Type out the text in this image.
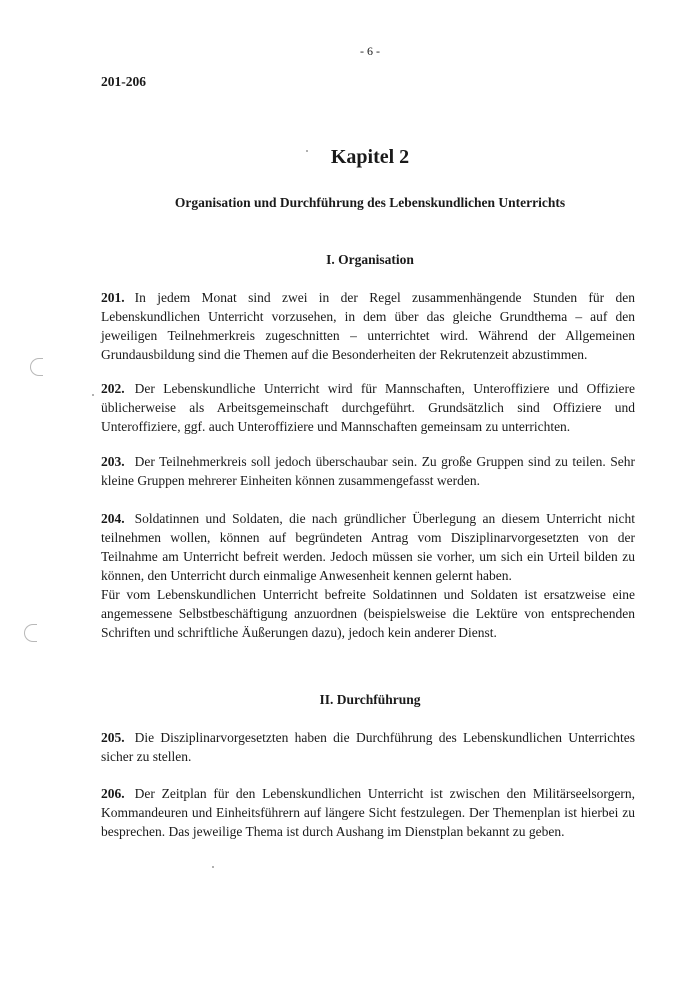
- 6 -
201-206
Kapitel 2
Organisation und Durchführung des Lebenskundlichen Unterrichts
I. Organisation

201. In jedem Monat sind zwei in der Regel zusammenhängende Stunden für den Lebenskundlichen Unterricht vorzusehen, in dem über das gleiche Grundthema – auf den jeweiligen Teilnehmerkreis zugeschnitten – unterrichtet wird. Während der Allgemeinen Grundausbildung sind die Themen auf die Besonderheiten der Rekrutenzeit abzustimmen.

202. Der Lebenskundliche Unterricht wird für Mannschaften, Unteroffiziere und Offiziere üblicherweise als Arbeitsgemeinschaft durchgeführt. Grundsätzlich sind Offiziere und Unteroffiziere, ggf. auch Unteroffiziere und Mannschaften gemeinsam zu unterrichten.

203. Der Teilnehmerkreis soll jedoch überschaubar sein. Zu große Gruppen sind zu teilen. Sehr kleine Gruppen mehrerer Einheiten können zusammengefasst werden.

204. Soldatinnen und Soldaten, die nach gründlicher Überlegung an diesem Unterricht nicht teilnehmen wollen, können auf begründeten Antrag vom Disziplinarvorgesetzten von der Teilnahme am Unterricht befreit werden. Jedoch müssen sie vorher, um sich ein Urteil bilden zu können, den Unterricht durch einmalige Anwesenheit kennen gelernt haben.
Für vom Lebenskundlichen Unterricht befreite Soldatinnen und Soldaten ist ersatzweise eine angemessene Selbstbeschäftigung anzuordnen (beispielsweise die Lektüre von entsprechenden Schriften und schriftliche Äußerungen dazu), jedoch kein anderer Dienst.

II. Durchführung

205. Die Disziplinarvorgesetzten haben die Durchführung des Lebenskundlichen Unterrichtes sicher zu stellen.

206. Der Zeitplan für den Lebenskundlichen Unterricht ist zwischen den Militärseelsorgern, Kommandeuren und Einheitsführern auf längere Sicht festzulegen. Der Themenplan ist hierbei zu besprechen. Das jeweilige Thema ist durch Aushang im Dienstplan bekannt zu geben.
